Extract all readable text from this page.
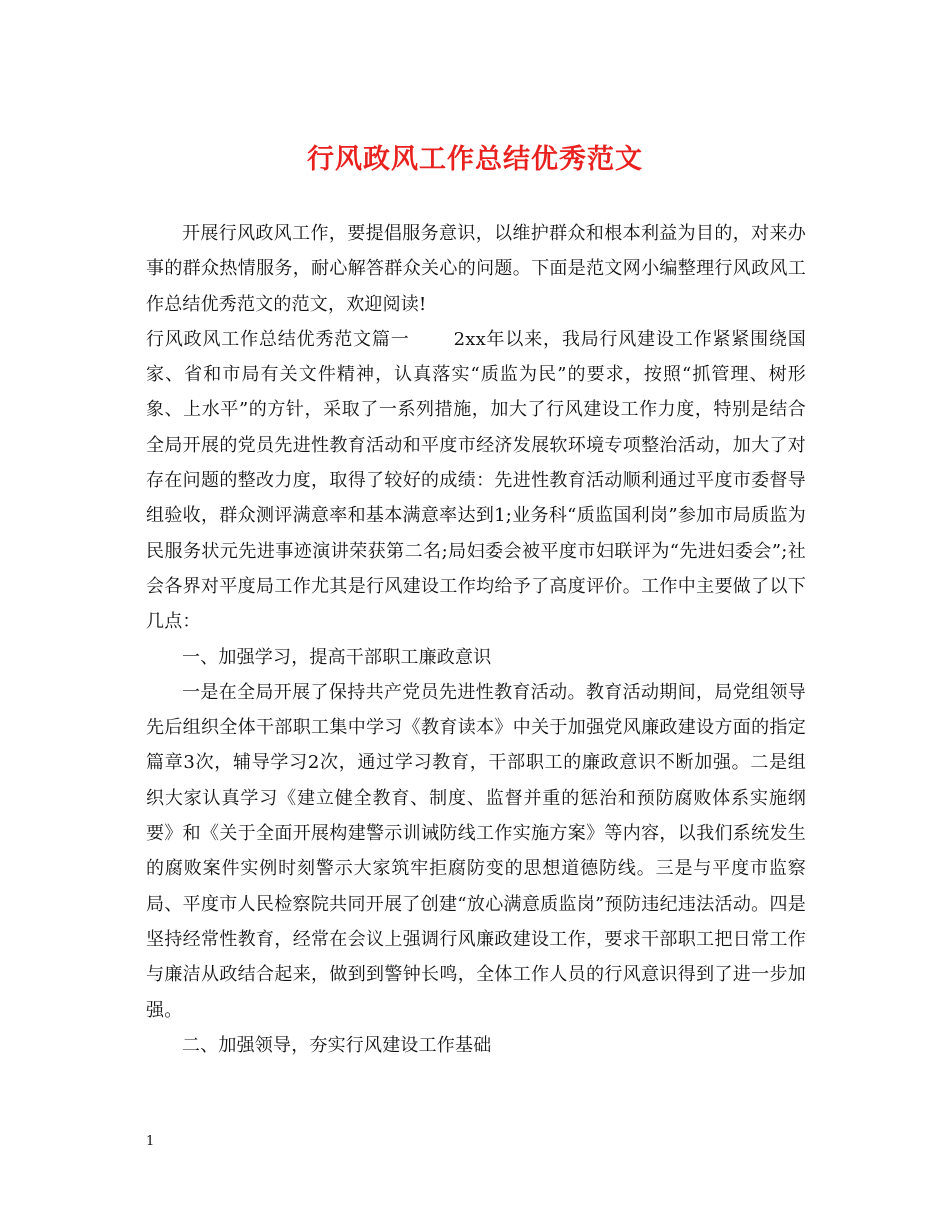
行风政风工作总结优秀范文

开展行风政风工作，要提倡服务意识，以维护群众和根本利益为目的，对来办事的群众热情服务，耐心解答群众关心的问题。下面是范文网小编整理行风政风工作总结优秀范文的范文，欢迎阅读!

行风政风工作总结优秀范文篇一 2xx年以来，我局行风建设工作紧紧围绕国家、省和市局有关文件精神，认真落实“质监为民”的要求，按照“抓管理、树形象、上水平”的方针，采取了一系列措施，加大了行风建设工作力度，特别是结合全局开展的党员先进性教育活动和平度市经济发展软环境专项整治活动，加大了对存在问题的整改力度，取得了较好的成绩：先进性教育活动顺利通过平度市委督导组验收，群众测评满意率和基本满意率达到1;业务科“质监国利岗”参加市局质监为民服务状元先进事迹演讲荣获第二名;局妇委会被平度市妇联评为“先进妇委会”;社会各界对平度局工作尤其是行风建设工作均给予了高度评价。工作中主要做了以下几点：

一、加强学习，提高干部职工廉政意识

一是在全局开展了保持共产党员先进性教育活动。教育活动期间，局党组领导先后组织全体干部职工集中学习《教育读本》中关于加强党风廉政建设方面的指定篇章3次，辅导学习2次，通过学习教育，干部职工的廉政意识不断加强。二是组织大家认真学习《建立健全教育、制度、监督并重的惩治和预防腐败体系实施纲要》和《关于全面开展构建警示训诫防线工作实施方案》等内容，以我们系统发生的腐败案件实例时刻警示大家筑牢拒腐防变的思想道德防线。三是与平度市监察局、平度市人民检察院共同开展了创建“放心满意质监岗”预防违纪违法活动。四是坚持经常性教育，经常在会议上强调行风廉政建设工作，要求干部职工把日常工作与廉洁从政结合起来，做到到警钟长鸣，全体工作人员的行风意识得到了进一步加强。

二、加强领导，夯实行风建设工作基础

1
